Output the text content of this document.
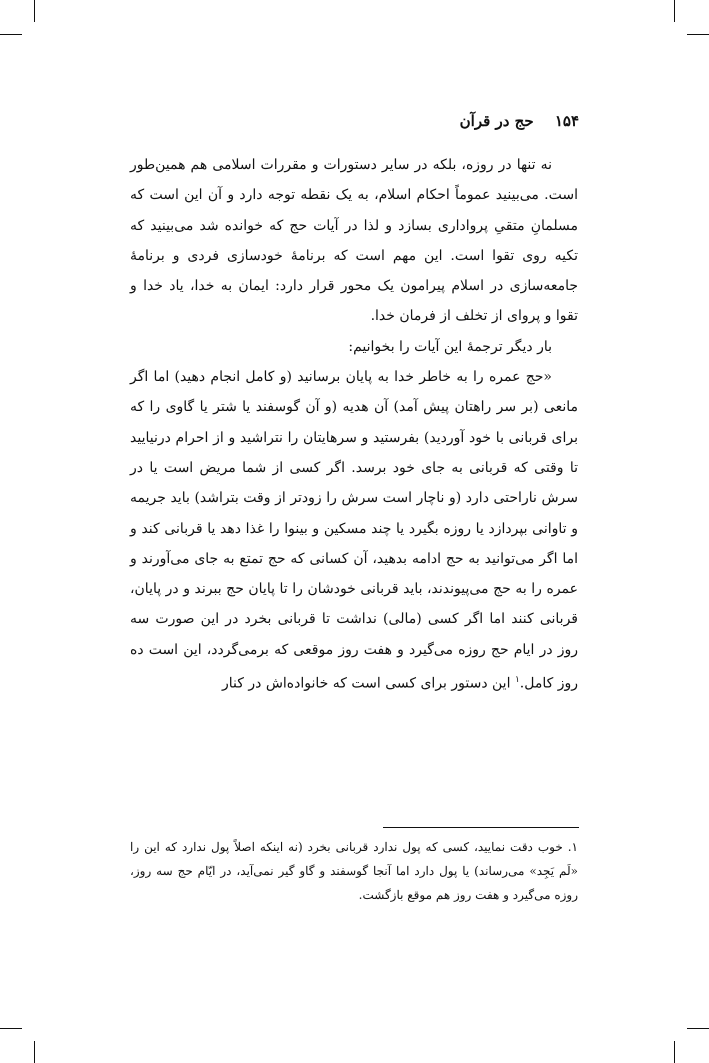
۱۵۴ حج در قرآن

نه تنها در روزه، بلکه در سایر دستورات و مقررات اسلامی هم همین‌طور است. می‌بینید عموماً احکام اسلام، به یک نقطه توجه دارد و آن این است که مسلمانِ متقیِ پرواداری بسازد و لذا در آیات حج که خوانده شد می‌بینید که تکیه روی تقوا است. این مهم است که برنامهٔ خودسازی فردی و برنامهٔ جامعه‌سازی در اسلام پیرامون یک محور قرار دارد: ایمان به خدا، یاد خدا و تقوا و پروای از تخلف از فرمان خدا.

بار دیگر ترجمهٔ این آیات را بخوانیم:

«حج عمره را به خاطر خدا به پایان برسانید (و کامل انجام دهید) اما اگر مانعی (بر سر راهتان پیش آمد) آن هدیه (و آن گوسفند یا شتر یا گاوی را که برای قربانی با خود آوردید) بفرستید و سرهایتان را نتراشید و از احرام درنیایید تا وقتی که قربانی به جای خود برسد. اگر کسی از شما مریض است یا در سرش ناراحتی دارد (و ناچار است سرش را زودتر از وقت بتراشد) باید جریمه و تاوانی بپردازد یا روزه بگیرد یا چند مسکین و بینوا را غذا دهد یا قربانی کند و اما اگر می‌توانید به حج ادامه بدهید، آن کسانی که حج تمتع به جای می‌آورند و عمره را به حج می‌پیوندند، باید قربانی خودشان را تا پایان حج ببرند و در پایان، قربانی کنند اما اگر کسی (مالی) نداشت تا قربانی بخرد در این صورت سه روز در ایام حج روزه می‌گیرد و هفت روز موقعی که برمی‌گردد، این است ده روز کامل.$^۱$ این دستور برای کسی است که خانواده‌اش در کنار

۱. خوب دقت نمایید، کسی که پول ندارد قربانی بخرد (نه اینکه اصلاً پول ندارد که این را «لَم یَجِد» می‌رساند) یا پول دارد اما آنجا گوسفند و گاو گیر نمی‌آید، در ایّام حج سه روز، روزه می‌گیرد و هفت روز هم موقع بازگشت.
